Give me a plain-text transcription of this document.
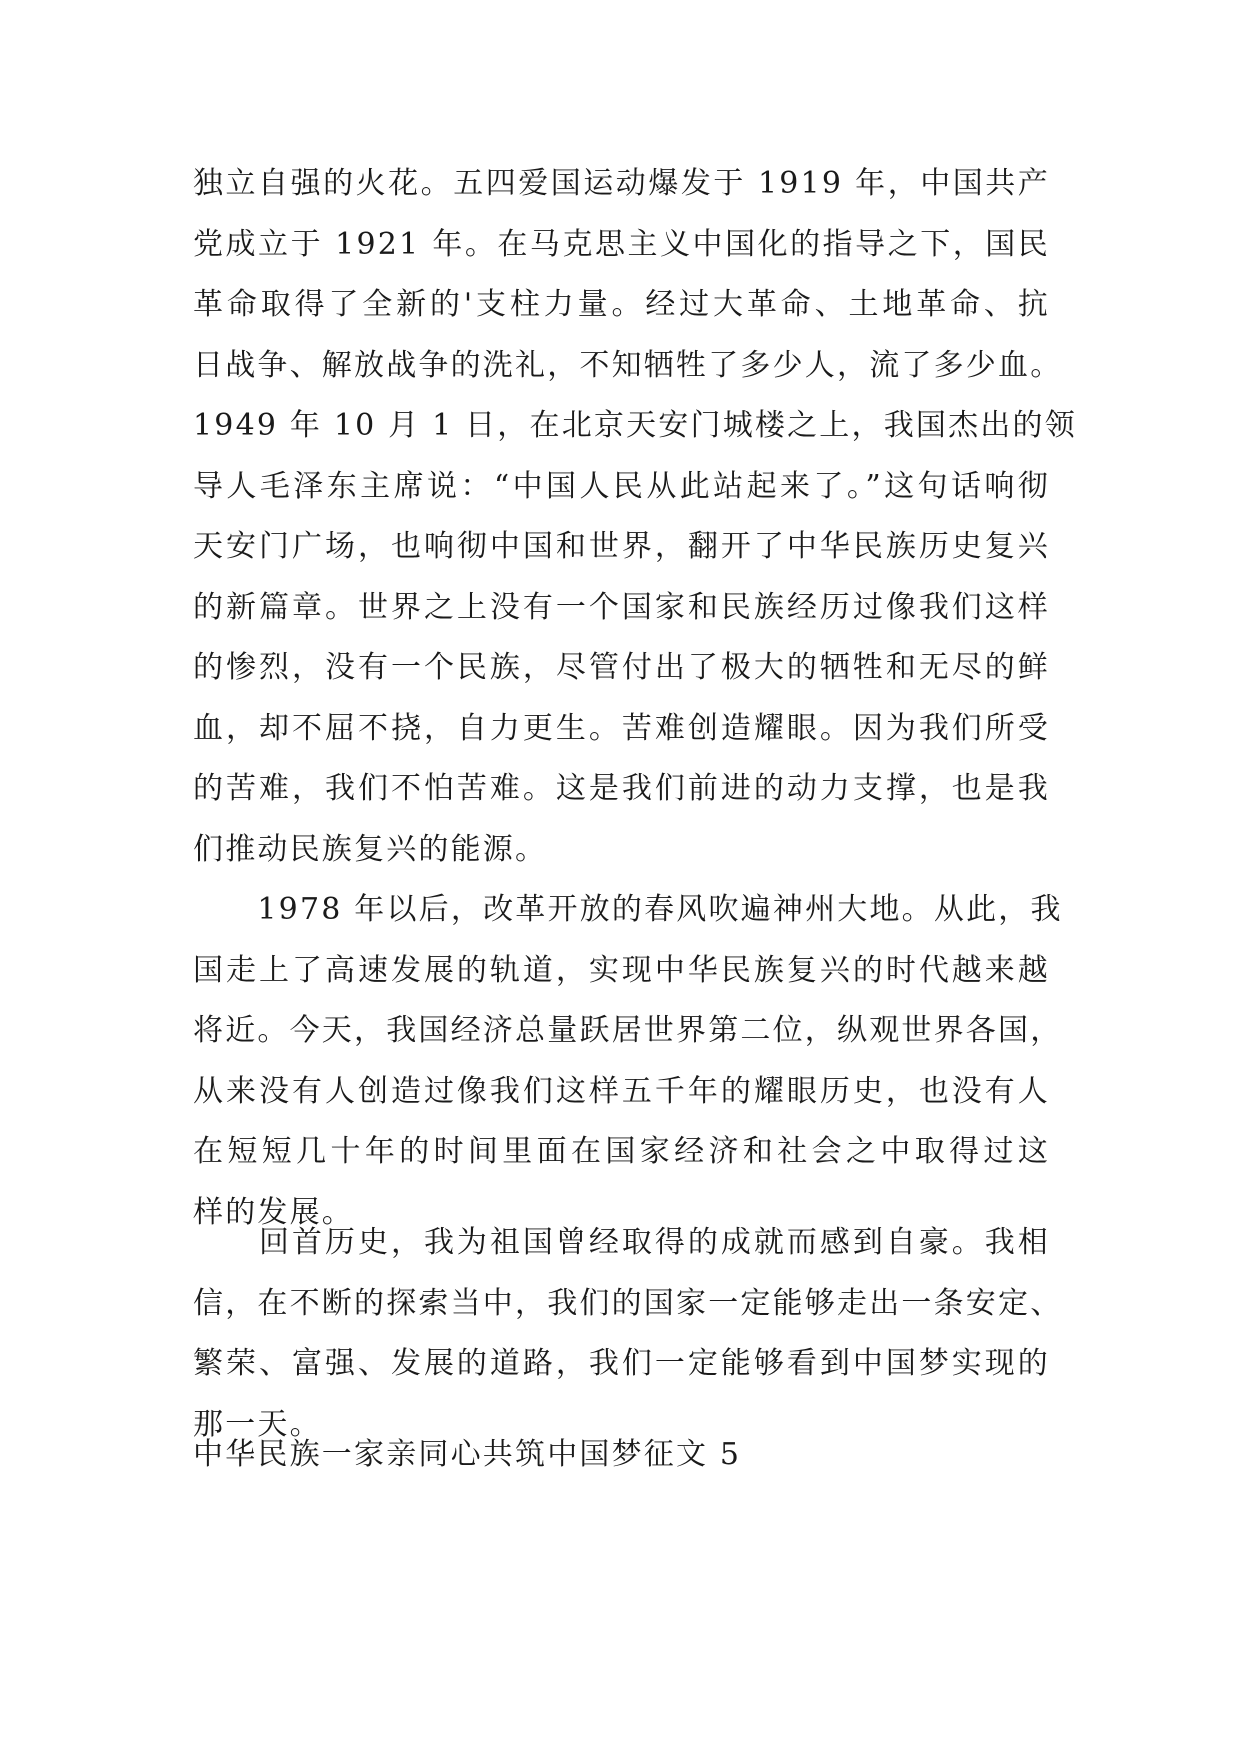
独立自强的火花。五四爱国运动爆发于 1919 年，中国共产
党成立于 1921 年。在马克思主义中国化的指导之下，国民
革命取得了全新的'支柱力量。经过大革命、土地革命、抗
日战争、解放战争的洗礼，不知牺牲了多少人，流了多少血。
1949 年 10 月 1 日，在北京天安门城楼之上，我国杰出的领
导人毛泽东主席说：“中国人民从此站起来了。”这句话响彻
天安门广场，也响彻中国和世界，翻开了中华民族历史复兴
的新篇章。世界之上没有一个国家和民族经历过像我们这样
的惨烈，没有一个民族，尽管付出了极大的牺牲和无尽的鲜
血，却不屈不挠，自力更生。苦难创造耀眼。因为我们所受
的苦难，我们不怕苦难。这是我们前进的动力支撑，也是我
们推动民族复兴的能源。
　　1978 年以后，改革开放的春风吹遍神州大地。从此，我
国走上了高速发展的轨道，实现中华民族复兴的时代越来越
将近。今天，我国经济总量跃居世界第二位，纵观世界各国，
从来没有人创造过像我们这样五千年的耀眼历史，也没有人
在短短几十年的时间里面在国家经济和社会之中取得过这
样的发展。
　　回首历史，我为祖国曾经取得的成就而感到自豪。我相
信，在不断的探索当中，我们的国家一定能够走出一条安定、
繁荣、富强、发展的道路，我们一定能够看到中国梦实现的
那一天。
中华民族一家亲同心共筑中国梦征文 5
